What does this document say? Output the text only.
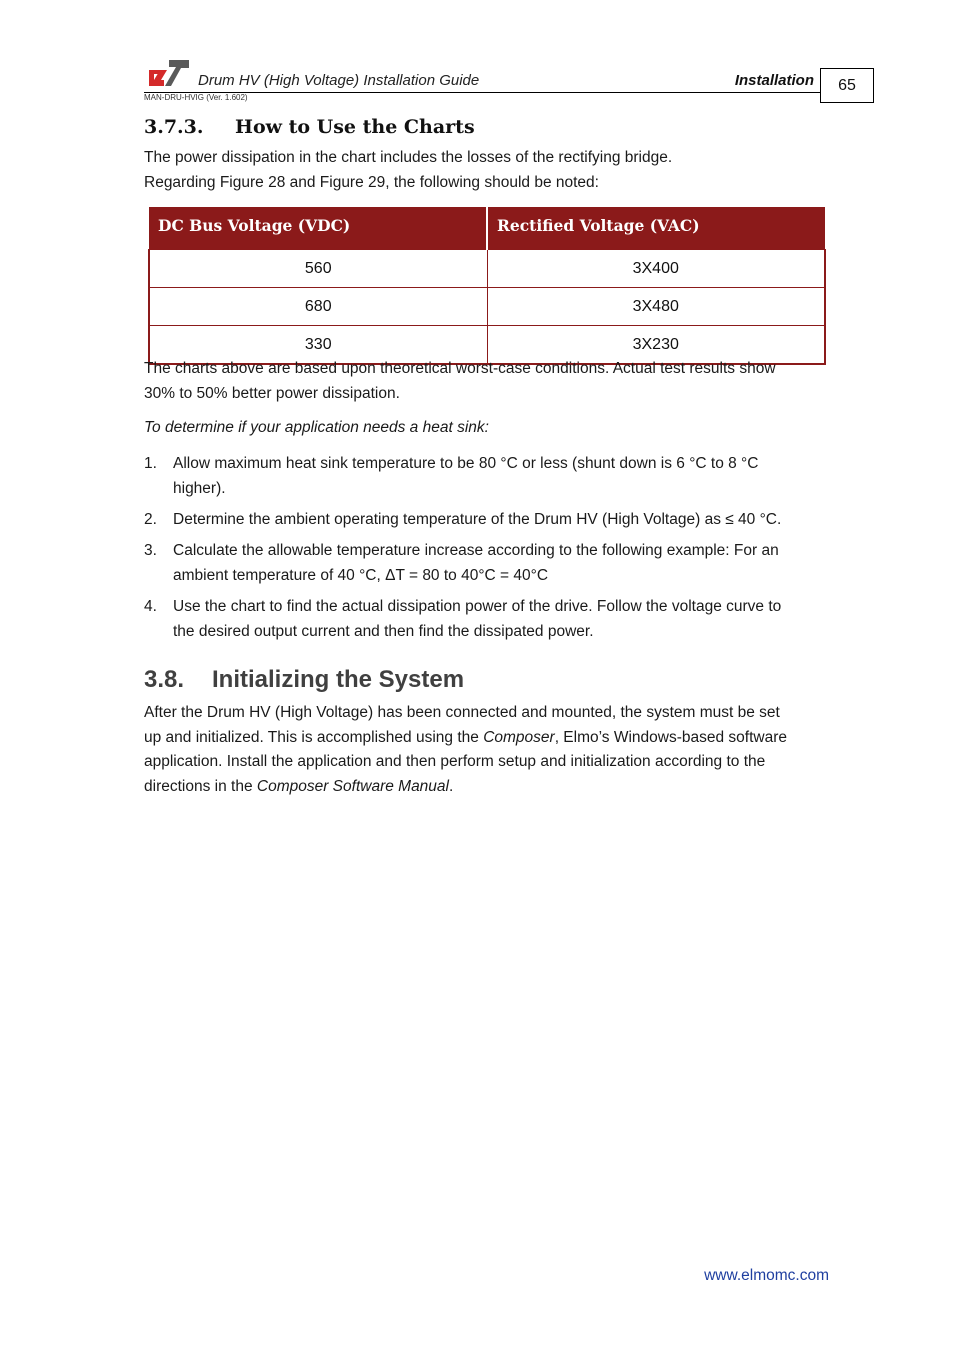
Drum HV (High Voltage) Installation Guide	Installation	65
MAN-DRU-HVIG (Ver. 1.602)
3.7.3. How to Use the Charts
The power dissipation in the chart includes the losses of the rectifying bridge.
Regarding Figure 28 and Figure 29, the following should be noted:
DC Bus Voltage (VDC)	Rectified Voltage (VAC)
560	3X400
680	3X480
330	3X230
The charts above are based upon theoretical worst-case conditions. Actual test results show
30% to 50% better power dissipation.
To determine if your application needs a heat sink:
1. Allow maximum heat sink temperature to be 80 °C or less (shunt down is 6 °C to 8 °C
higher).
2. Determine the ambient operating temperature of the Drum HV (High Voltage) as ≤ 40 °C.
3. Calculate the allowable temperature increase according to the following example: For an
ambient temperature of 40 °C, ΔT = 80 to 40°C = 40°C
4. Use the chart to find the actual dissipation power of the drive. Follow the voltage curve to
the desired output current and then find the dissipated power.
3.8. Initializing the System
After the Drum HV (High Voltage) has been connected and mounted, the system must be set
up and initialized. This is accomplished using the Composer, Elmo’s Windows-based software
application. Install the application and then perform setup and initialization according to the
directions in the Composer Software Manual.
www.elmomc.com
